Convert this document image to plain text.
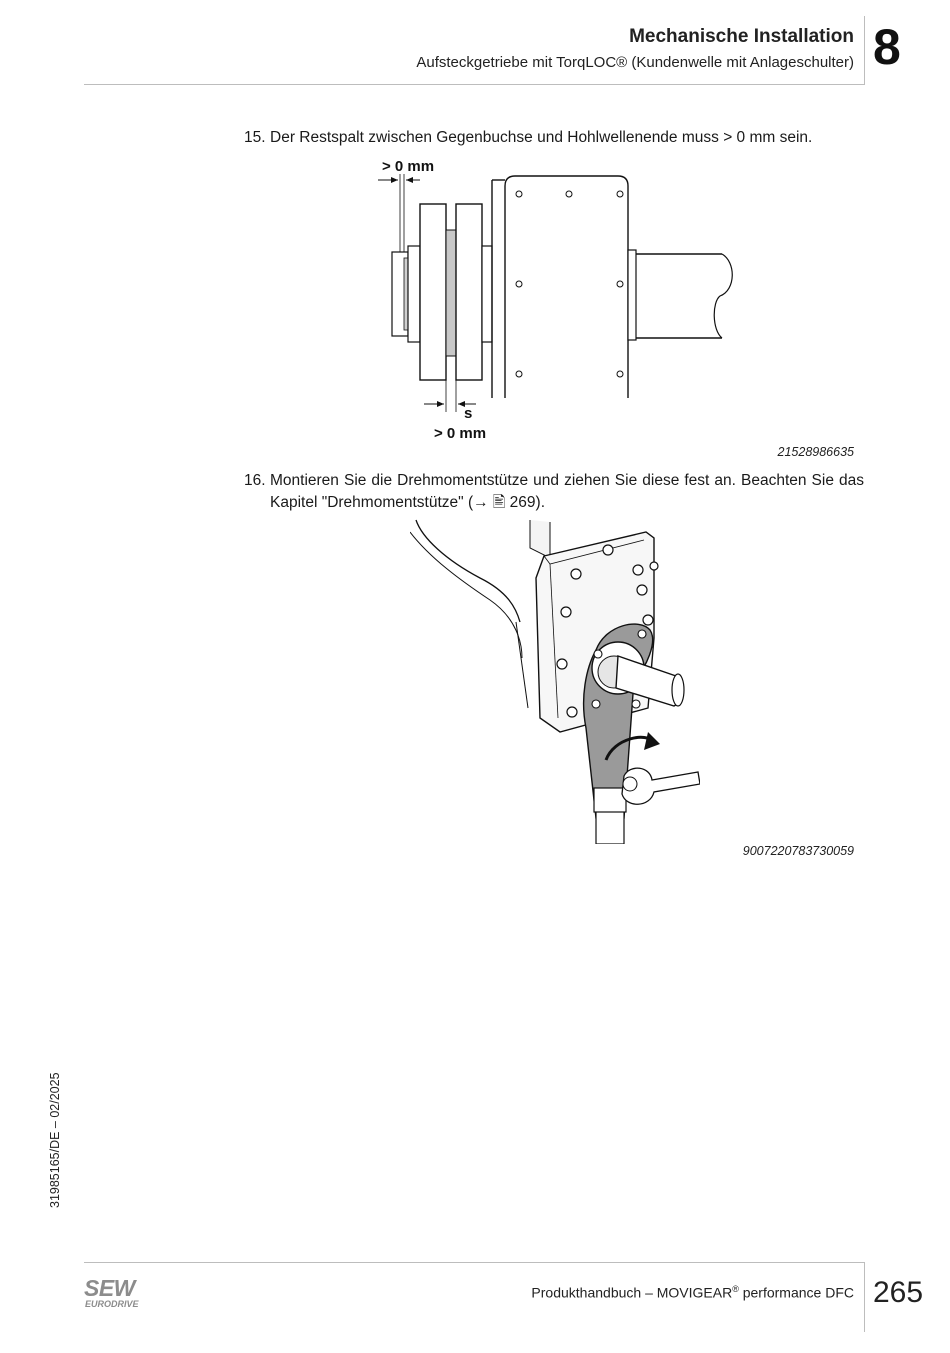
Mechanische Installation
Aufsteckgetriebe mit TorqLOC® (Kundenwelle mit Anlageschulter) 8
15. Der Restspalt zwischen Gegenbuchse und Hohlwellenende muss > 0 mm sein.
> 0 mm
s
> 0 mm
21528986635
16. Montieren Sie die Drehmomentstütze und ziehen Sie diese fest an. Beachten Sie das Kapitel "Drehmomentstütze" (→ 🖹 269).
9007220783730059
31985165/DE – 02/2025
Produkthandbuch – MOVIGEAR® performance DFC 265
SEW
EURODRIVE
